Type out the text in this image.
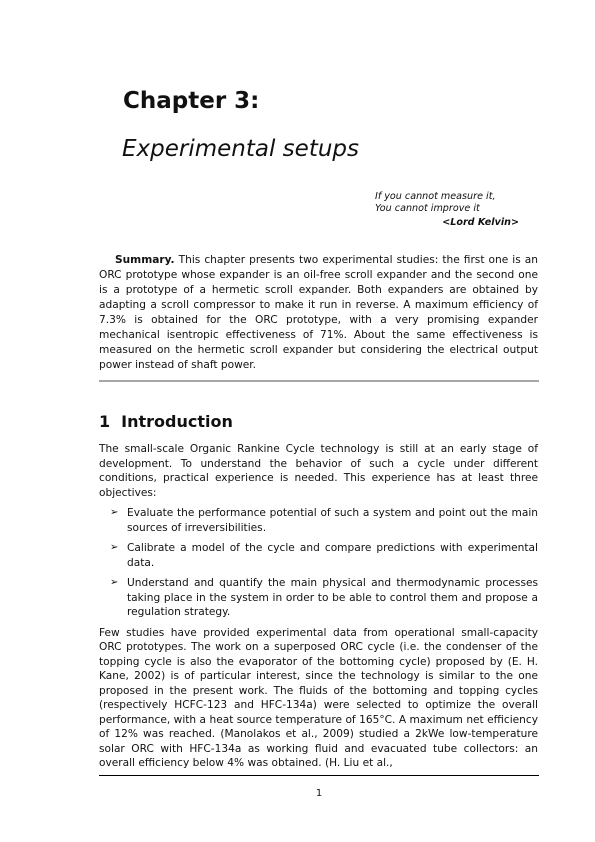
Chapter 3:
Experimental setups
If you cannot measure it,
You cannot improve it
<Lord Kelvin>

Summary. This chapter presents two experimental studies: the first one is an ORC prototype whose expander is an oil-free scroll expander and the second one is a prototype of a hermetic scroll expander. Both expanders are obtained by adapting a scroll compressor to make it run in reverse. A maximum efficiency of 7.3% is obtained for the ORC prototype, with a very promising expander mechanical isentropic effectiveness of 71%. About the same effectiveness is measured on the hermetic scroll expander but considering the electrical output power instead of shaft power.

1 Introduction

The small-scale Organic Rankine Cycle technology is still at an early stage of development. To understand the behavior of such a cycle under different conditions, practical experience is needed. This experience has at least three objectives:

➢ Evaluate the performance potential of such a system and point out the main sources of irreversibilities.
➢ Calibrate a model of the cycle and compare predictions with experimental data.
➢ Understand and quantify the main physical and thermodynamic processes taking place in the system in order to be able to control them and propose a regulation strategy.

Few studies have provided experimental data from operational small-capacity ORC prototypes. The work on a superposed ORC cycle (i.e. the condenser of the topping cycle is also the evaporator of the bottoming cycle) proposed by (E. H. Kane, 2002) is of particular interest, since the technology is similar to the one proposed in the present work. The fluids of the bottoming and topping cycles (respectively HCFC-123 and HFC-134a) were selected to optimize the overall performance, with a heat source temperature of 165°C. A maximum net efficiency of 12% was reached. (Manolakos et al., 2009) studied a 2kWe low-temperature solar ORC with HFC-134a as working fluid and evacuated tube collectors: an overall efficiency below 4% was obtained. (H. Liu et al.,

1
